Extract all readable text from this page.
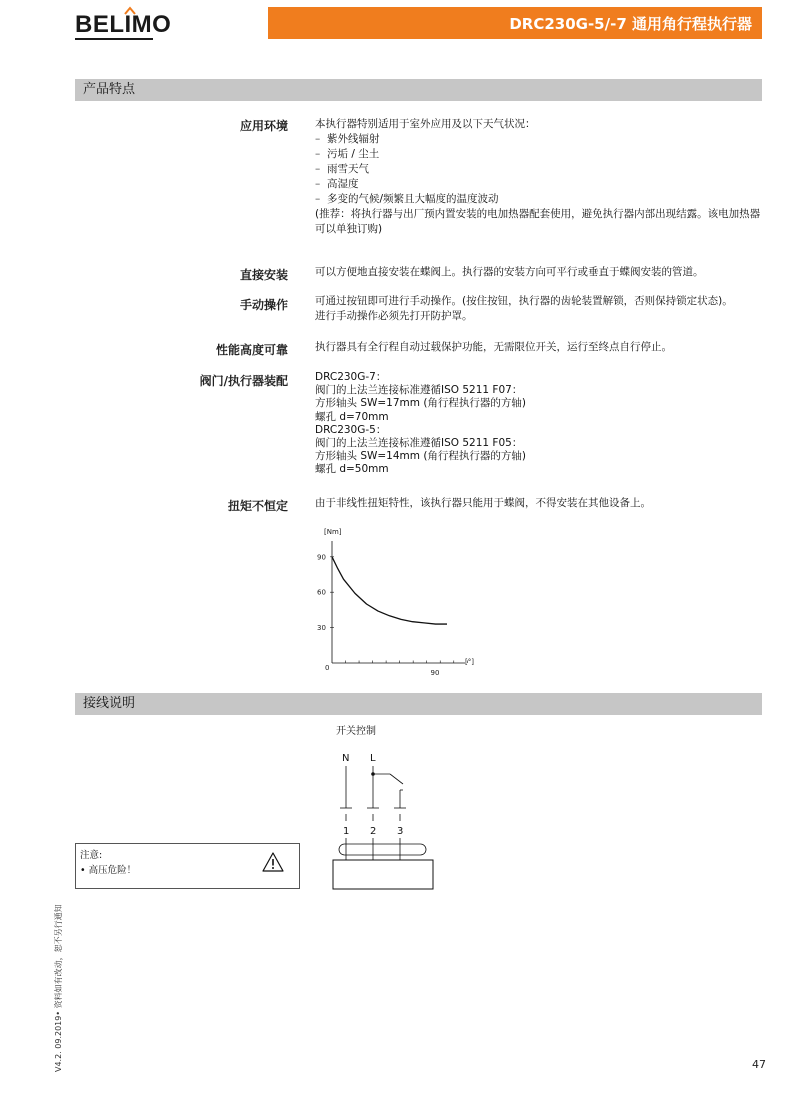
BELIMO	DRC230G-5/-7 通用角行程执行器
产品特点
应用环境	本执行器特别适用于室外应用及以下天气状况：
– 紫外线辐射
– 污垢 / 尘土
– 雨雪天气
– 高湿度
– 多变的气候/频繁且大幅度的温度波动
(推荐：将执行器与出厂预内置安装的电加热器配套使用，避免执行器内部出现结露。该电加热器可以单独订购)
直接安装	可以方便地直接安装在蝶阀上。执行器的安装方向可平行或垂直于蝶阀安装的管道。
手动操作	可通过按钮即可进行手动操作。(按住按钮，执行器的齿轮装置解锁，否则保持锁定状态)。
进行手动操作必须先打开防护罩。
性能高度可靠	执行器具有全行程自动过载保护功能，无需限位开关，运行至终点自行停止。
阀门/执行器装配	DRC230G-7：
阀门的上法兰连接标准遵循ISO 5211 F07：
方形轴头 SW=17mm (角行程执行器的方轴)
螺孔 d=70mm
DRC230G-5：
阀门的上法兰连接标准遵循ISO 5211 F05：
方形轴头 SW=14mm (角行程执行器的方轴)
螺孔 d=50mm
扭矩不恒定	由于非线性扭矩特性，该执行器只能用于蝶阀，不得安装在其他设备上。
[Nm]
[°]
0
30
60
90
90
接线说明
开关控制
N L
1 2 3
注意:
• 高压危险！
V4.2. 09.2019• 资料如有改动，恕不另行通知	47
